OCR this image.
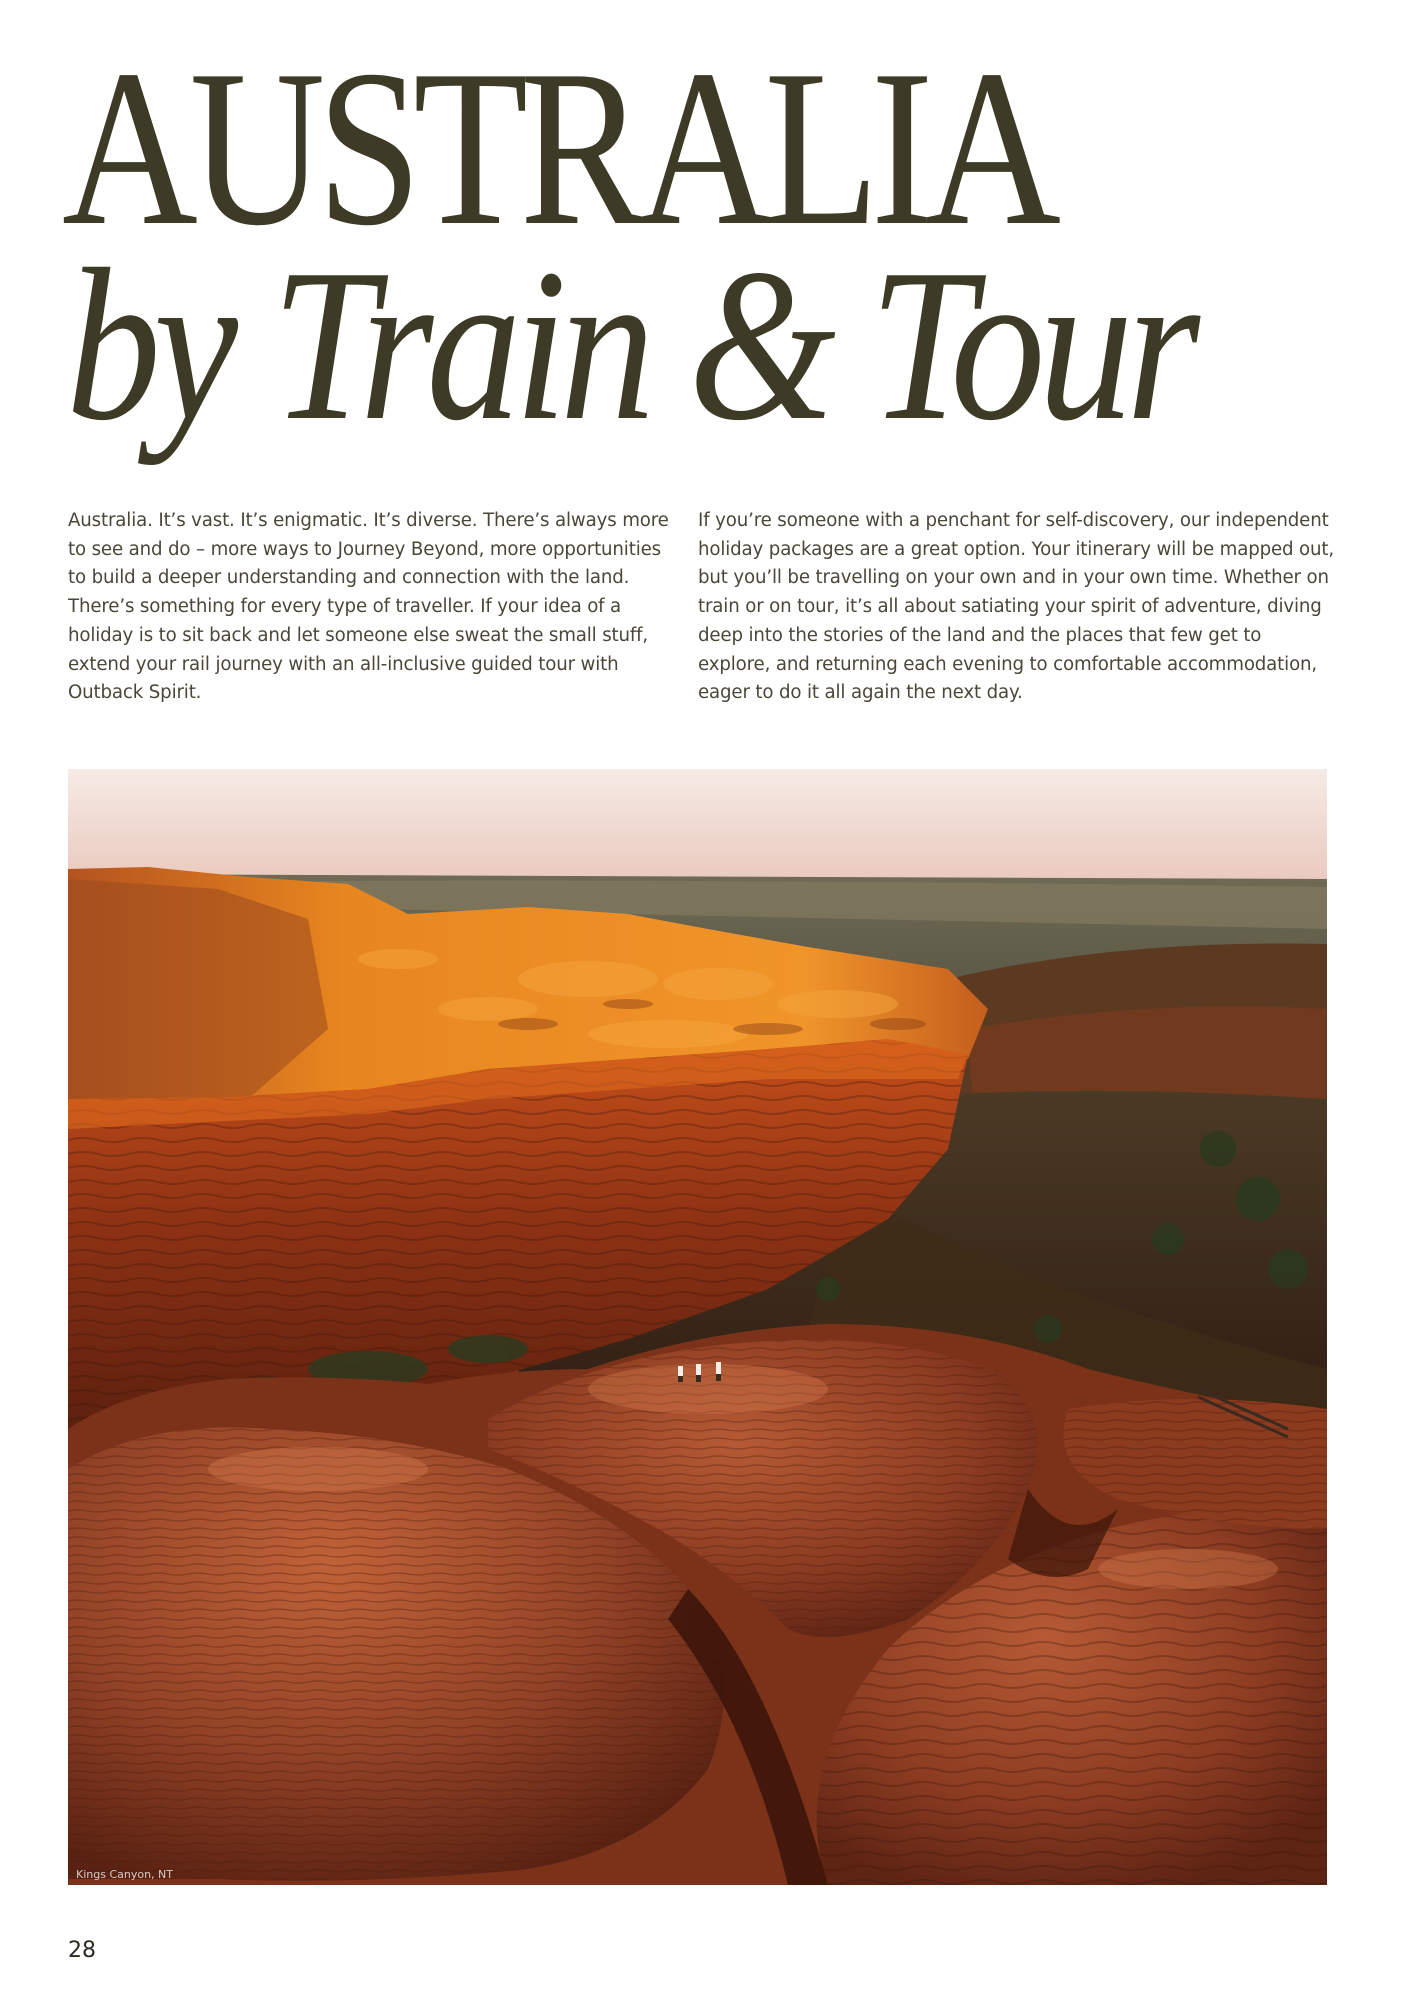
AUSTRALIA
by Train & Tour

Australia. It’s vast. It’s enigmatic. It’s diverse. There’s always more to see and do – more ways to Journey Beyond, more opportunities to build a deeper understanding and connection with the land. There’s something for every type of traveller. If your idea of a holiday is to sit back and let someone else sweat the small stuff, extend your rail journey with an all-inclusive guided tour with Outback Spirit.

If you’re someone with a penchant for self-discovery, our independent holiday packages are a great option. Your itinerary will be mapped out, but you’ll be travelling on your own and in your own time. Whether on train or on tour, it’s all about satiating your spirit of adventure, diving deep into the stories of the land and the places that few get to explore, and returning each evening to comfortable accommodation, eager to do it all again the next day.

Kings Canyon, NT

28
